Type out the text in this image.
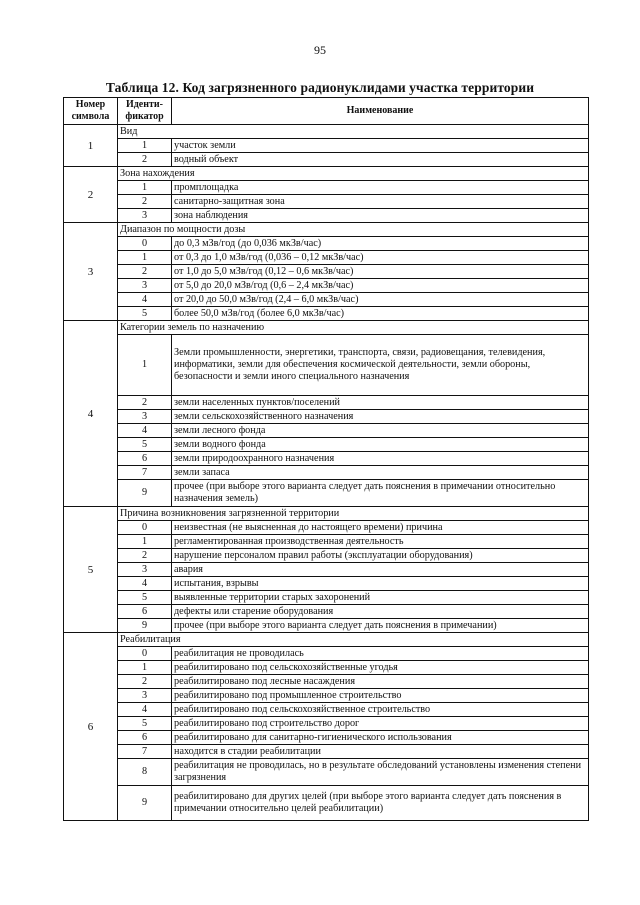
95
Таблица 12. Код загрязненного радионуклидами участка территории
Номер символа	Иденти- фикатор	Наименование
1	Вид	
	1	участок земли
	2	водный объект
2	Зона нахождения	
	1	промплощадка
	2	санитарно-защитная зона
	3	зона наблюдения
3	Диапазон по мощности дозы	
	0	до 0,3 мЗв/год (до 0,036 мкЗв/час)
	1	от 0,3 до 1,0 мЗв/год (0,036 – 0,12 мкЗв/час)
	2	от 1,0 до 5,0 мЗв/год (0,12 – 0,6 мкЗв/час)
	3	от 5,0 до 20,0 мЗв/год (0,6 – 2,4 мкЗв/час)
	4	от 20,0 до 50,0 мЗв/год (2,4 – 6,0 мкЗв/час)
	5	более 50,0 мЗв/год (более 6,0 мкЗв/час)
4	Категории земель по назначению	
	1	Земли промышленности, энергетики, транспорта, связи, радиовещания, телевидения, информатики, земли для обеспечения космической деятельности, земли обороны, безопасности и земли иного специального назначения
	2	земли населенных пунктов/поселений
	3	земли сельскохозяйственного назначения
	4	земли лесного фонда
	5	земли водного фонда
	6	земли природоохранного назначения
	7	земли запаса
	9	прочее (при выборе этого варианта следует дать пояснения в примечании относительно назначения земель)
5	Причина возникновения загрязненной территории	
	0	неизвестная (не выясненная до настоящего времени) причина
	1	регламентированная производственная деятельность
	2	нарушение персоналом правил работы (эксплуатации оборудования)
	3	авария
	4	испытания, взрывы
	5	выявленные территории старых захоронений
	6	дефекты или старение оборудования
	9	прочее (при выборе этого варианта следует дать пояснения в примечании)
6	Реабилитация	
	0	реабилитация не проводилась
	1	реабилитировано под сельскохозяйственные угодья
	2	реабилитировано под лесные насаждения
	3	реабилитировано под промышленное строительство
	4	реабилитировано под сельскохозяйственное строительство
	5	реабилитировано под строительство дорог
	6	реабилитировано для санитарно-гигиенического использования
	7	находится в стадии реабилитации
	8	реабилитация не проводилась, но в результате обследований установлены изменения степени загрязнения
	9	реабилитировано для других целей (при выборе этого варианта следует дать пояснения в примечании относительно целей реабилитации)
